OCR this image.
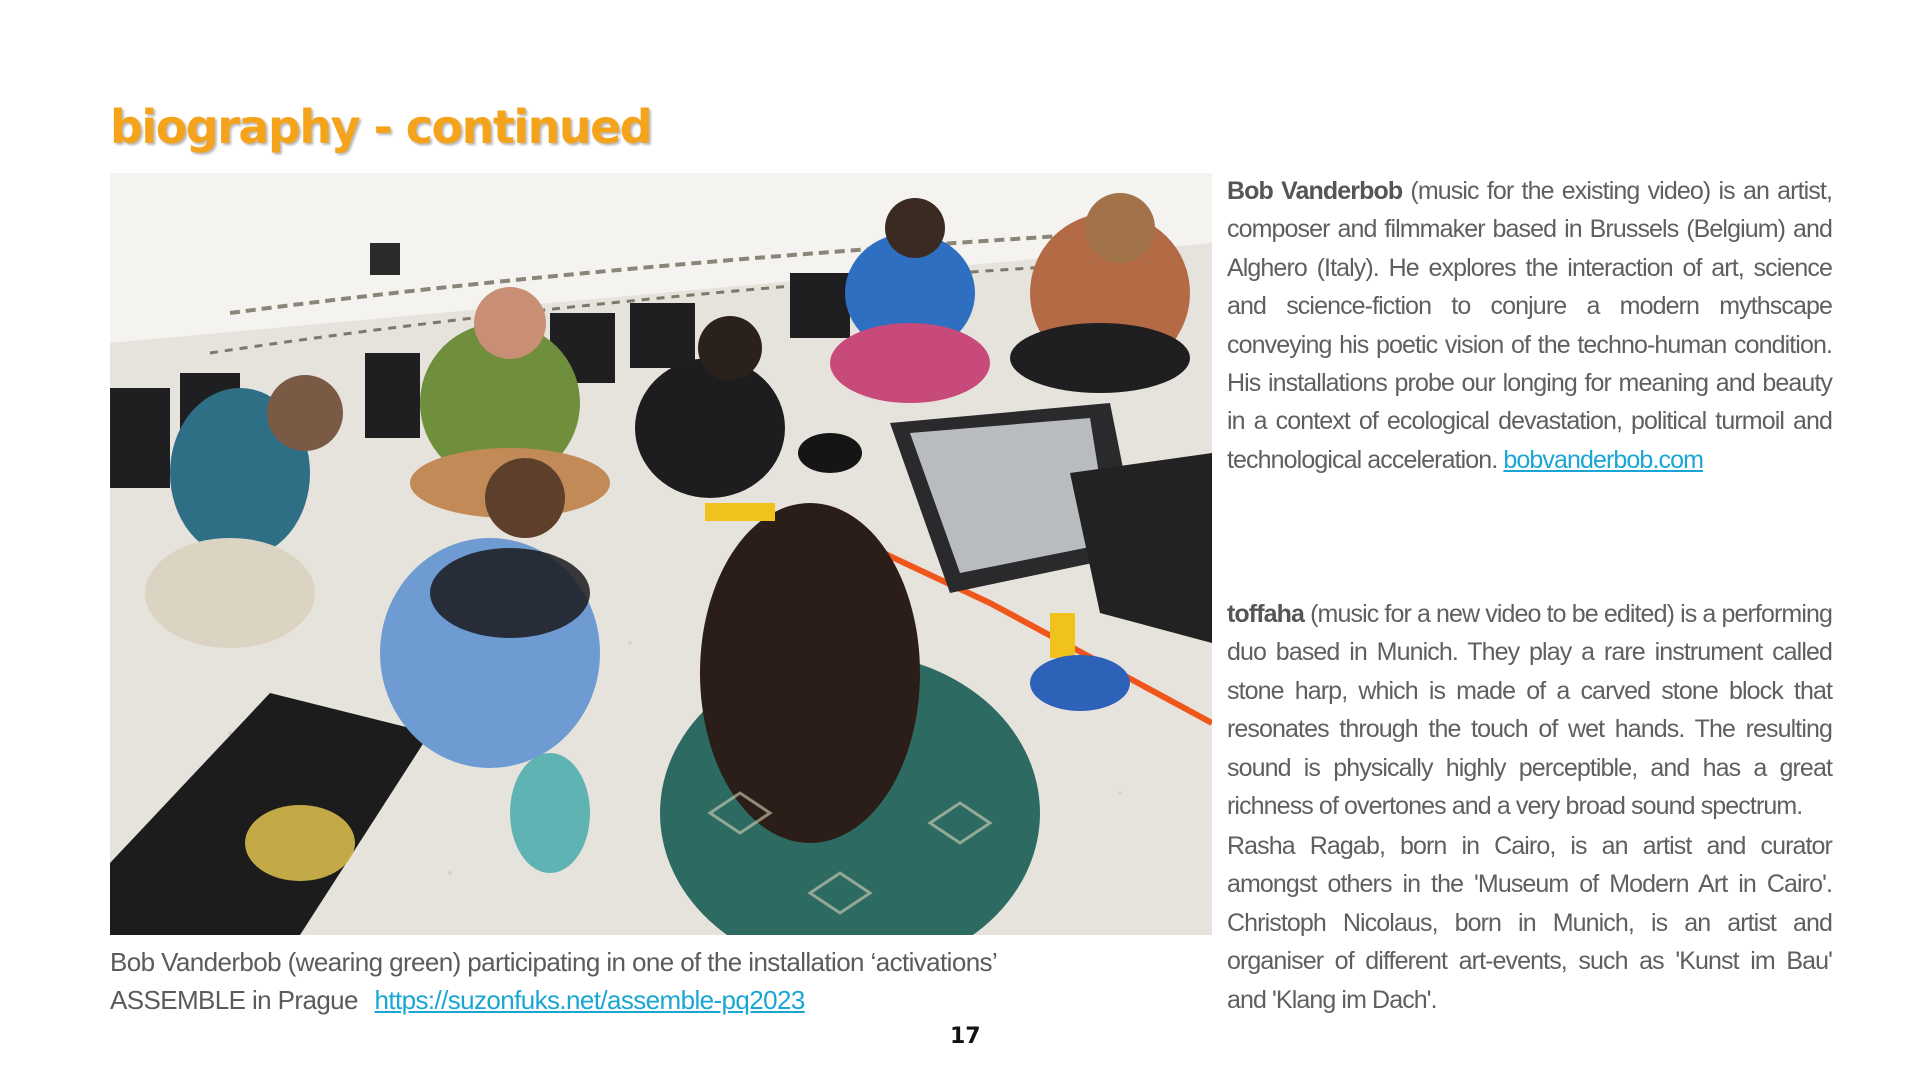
biography - continued
Bob Vanderbob (wearing green) participating in one of the installation ‘activations’
ASSEMBLE in Prague https://suzonfuks.net/assemble-pq2023
Bob Vanderbob (music for the existing video) is an artist, composer and filmmaker based in Brussels (Belgium) and Alghero (Italy). He explores the interaction of art, science and science-fiction to conjure a modern mythscape conveying his poetic vision of the techno-human condition. His installations probe our longing for meaning and beauty in a context of ecological devastation, political turmoil and technological acceleration. bobvanderbob.com
toffaha (music for a new video to be edited) is a performing duo based in Munich. They play a rare instrument called stone harp, which is made of a carved stone block that resonates through the touch of wet hands. The resulting sound is physically highly perceptible, and has a great richness of overtones and a very broad sound spectrum.
Rasha Ragab, born in Cairo, is an artist and curator amongst others in the 'Museum of Modern Art in Cairo'. Christoph Nicolaus, born in Munich, is an artist and organiser of different art-events, such as 'Kunst im Bau' and 'Klang im Dach'.
17
